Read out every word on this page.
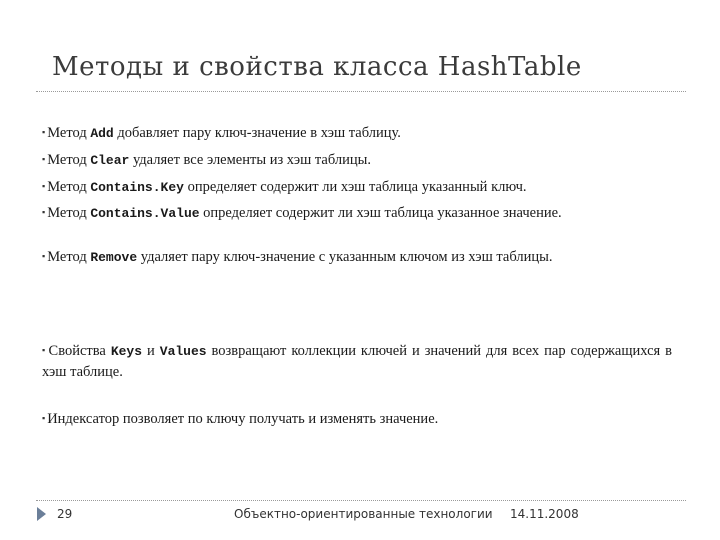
Методы и свойства класса HashTable
▪ Метод Add добавляет пару ключ-значение в хэш таблицу.
▪ Метод Clear удаляет все элементы из хэш таблицы.
▪ Метод Contains.Key определяет содержит ли хэш таблица указанный ключ.
▪ Метод Contains.Value определяет содержит ли хэш таблица указанное значение.
▪ Метод Remove удаляет пару ключ-значение с указанным ключом из хэш таблицы.
▪ Свойства Keys и Values возвращают коллекции ключей и значений для всех пар содержащихся в хэш таблице.
▪ Индексатор позволяет по ключу получать и изменять значение.
29	Объектно-ориентированные технологии 14.11.2008
